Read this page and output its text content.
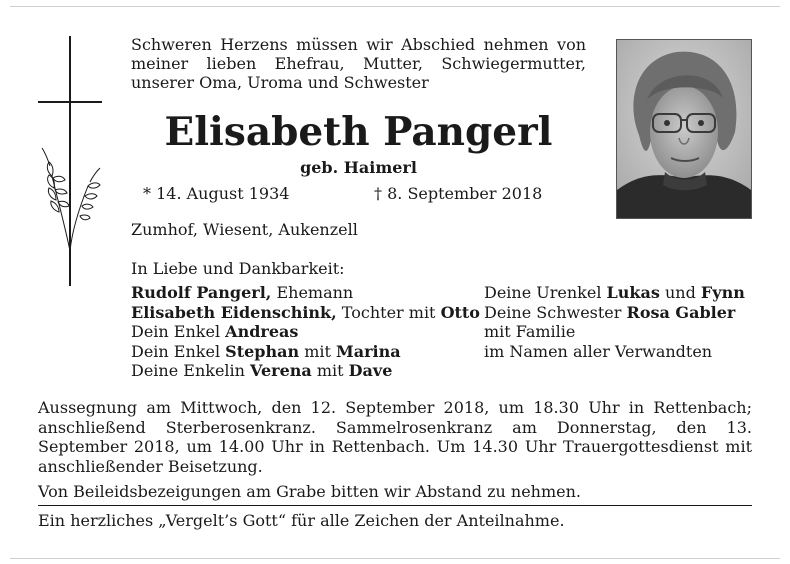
Schweren Herzens müssen wir Abschied nehmen von meiner lieben Ehefrau, Mutter, Schwiegermutter, unserer Oma, Uroma und Schwester
Elisabeth Pangerl
geb. Haimerl
* 14. August 1934	† 8. September 2018
Zumhof, Wiesent, Aukenzell
In Liebe und Dankbarkeit:
Rudolf Pangerl, Ehemann
Elisabeth Eidenschink, Tochter mit Otto
Dein Enkel Andreas
Dein Enkel Stephan mit Marina
Deine Enkelin Verena mit Dave
Deine Urenkel Lukas und Fynn
Deine Schwester Rosa Gabler
mit Familie
im Namen aller Verwandten
Aussegnung am Mittwoch, den 12. September 2018, um 18.30 Uhr in Rettenbach; anschließend Sterberosenkranz. Sammelrosenkranz am Donnerstag, den 13. September 2018, um 14.00 Uhr in Rettenbach. Um 14.30 Uhr Trauergottesdienst mit anschließender Beisetzung.
Von Beileidsbezeigungen am Grabe bitten wir Abstand zu nehmen.
Ein herzliches „Vergelt’s Gott“ für alle Zeichen der Anteilnahme.
